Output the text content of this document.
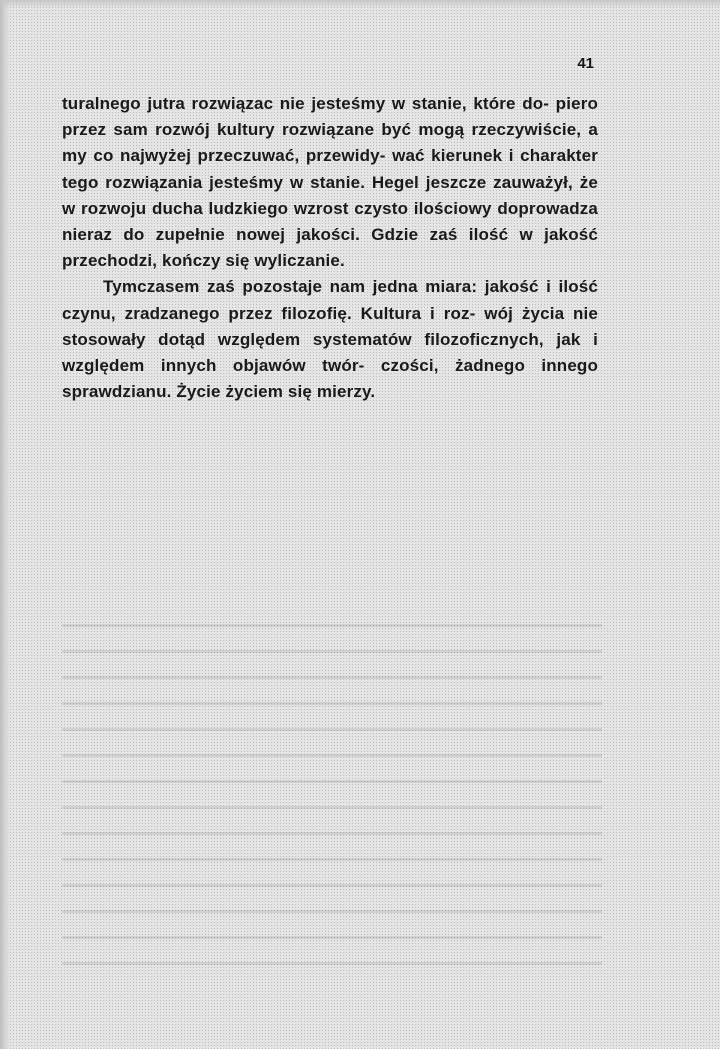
41

turalnego jutra rozwiązac nie jesteśmy w stanie, które do- piero przez sam rozwój kultury rozwiązane być mogą rzeczywiście, a my co najwyżej przeczuwać, przewidy- wać kierunek i charakter tego rozwiązania jesteśmy w stanie. Hegel jeszcze zauważył, że w rozwoju ducha ludzkiego wzrost czysto ilościowy doprowadza nieraz do zupełnie nowej jakości. Gdzie zaś ilość w jakość przechodzi, kończy się wyliczanie.

Tymczasem zaś pozostaje nam jedna miara: jakość i ilość czynu, zradzanego przez filozofię. Kultura i roz- wój życia nie stosowały dotąd względem systematów filozoficznych, jak i względem innych objawów twór- czości, żadnego innego sprawdzianu. Życie życiem się mierzy.
